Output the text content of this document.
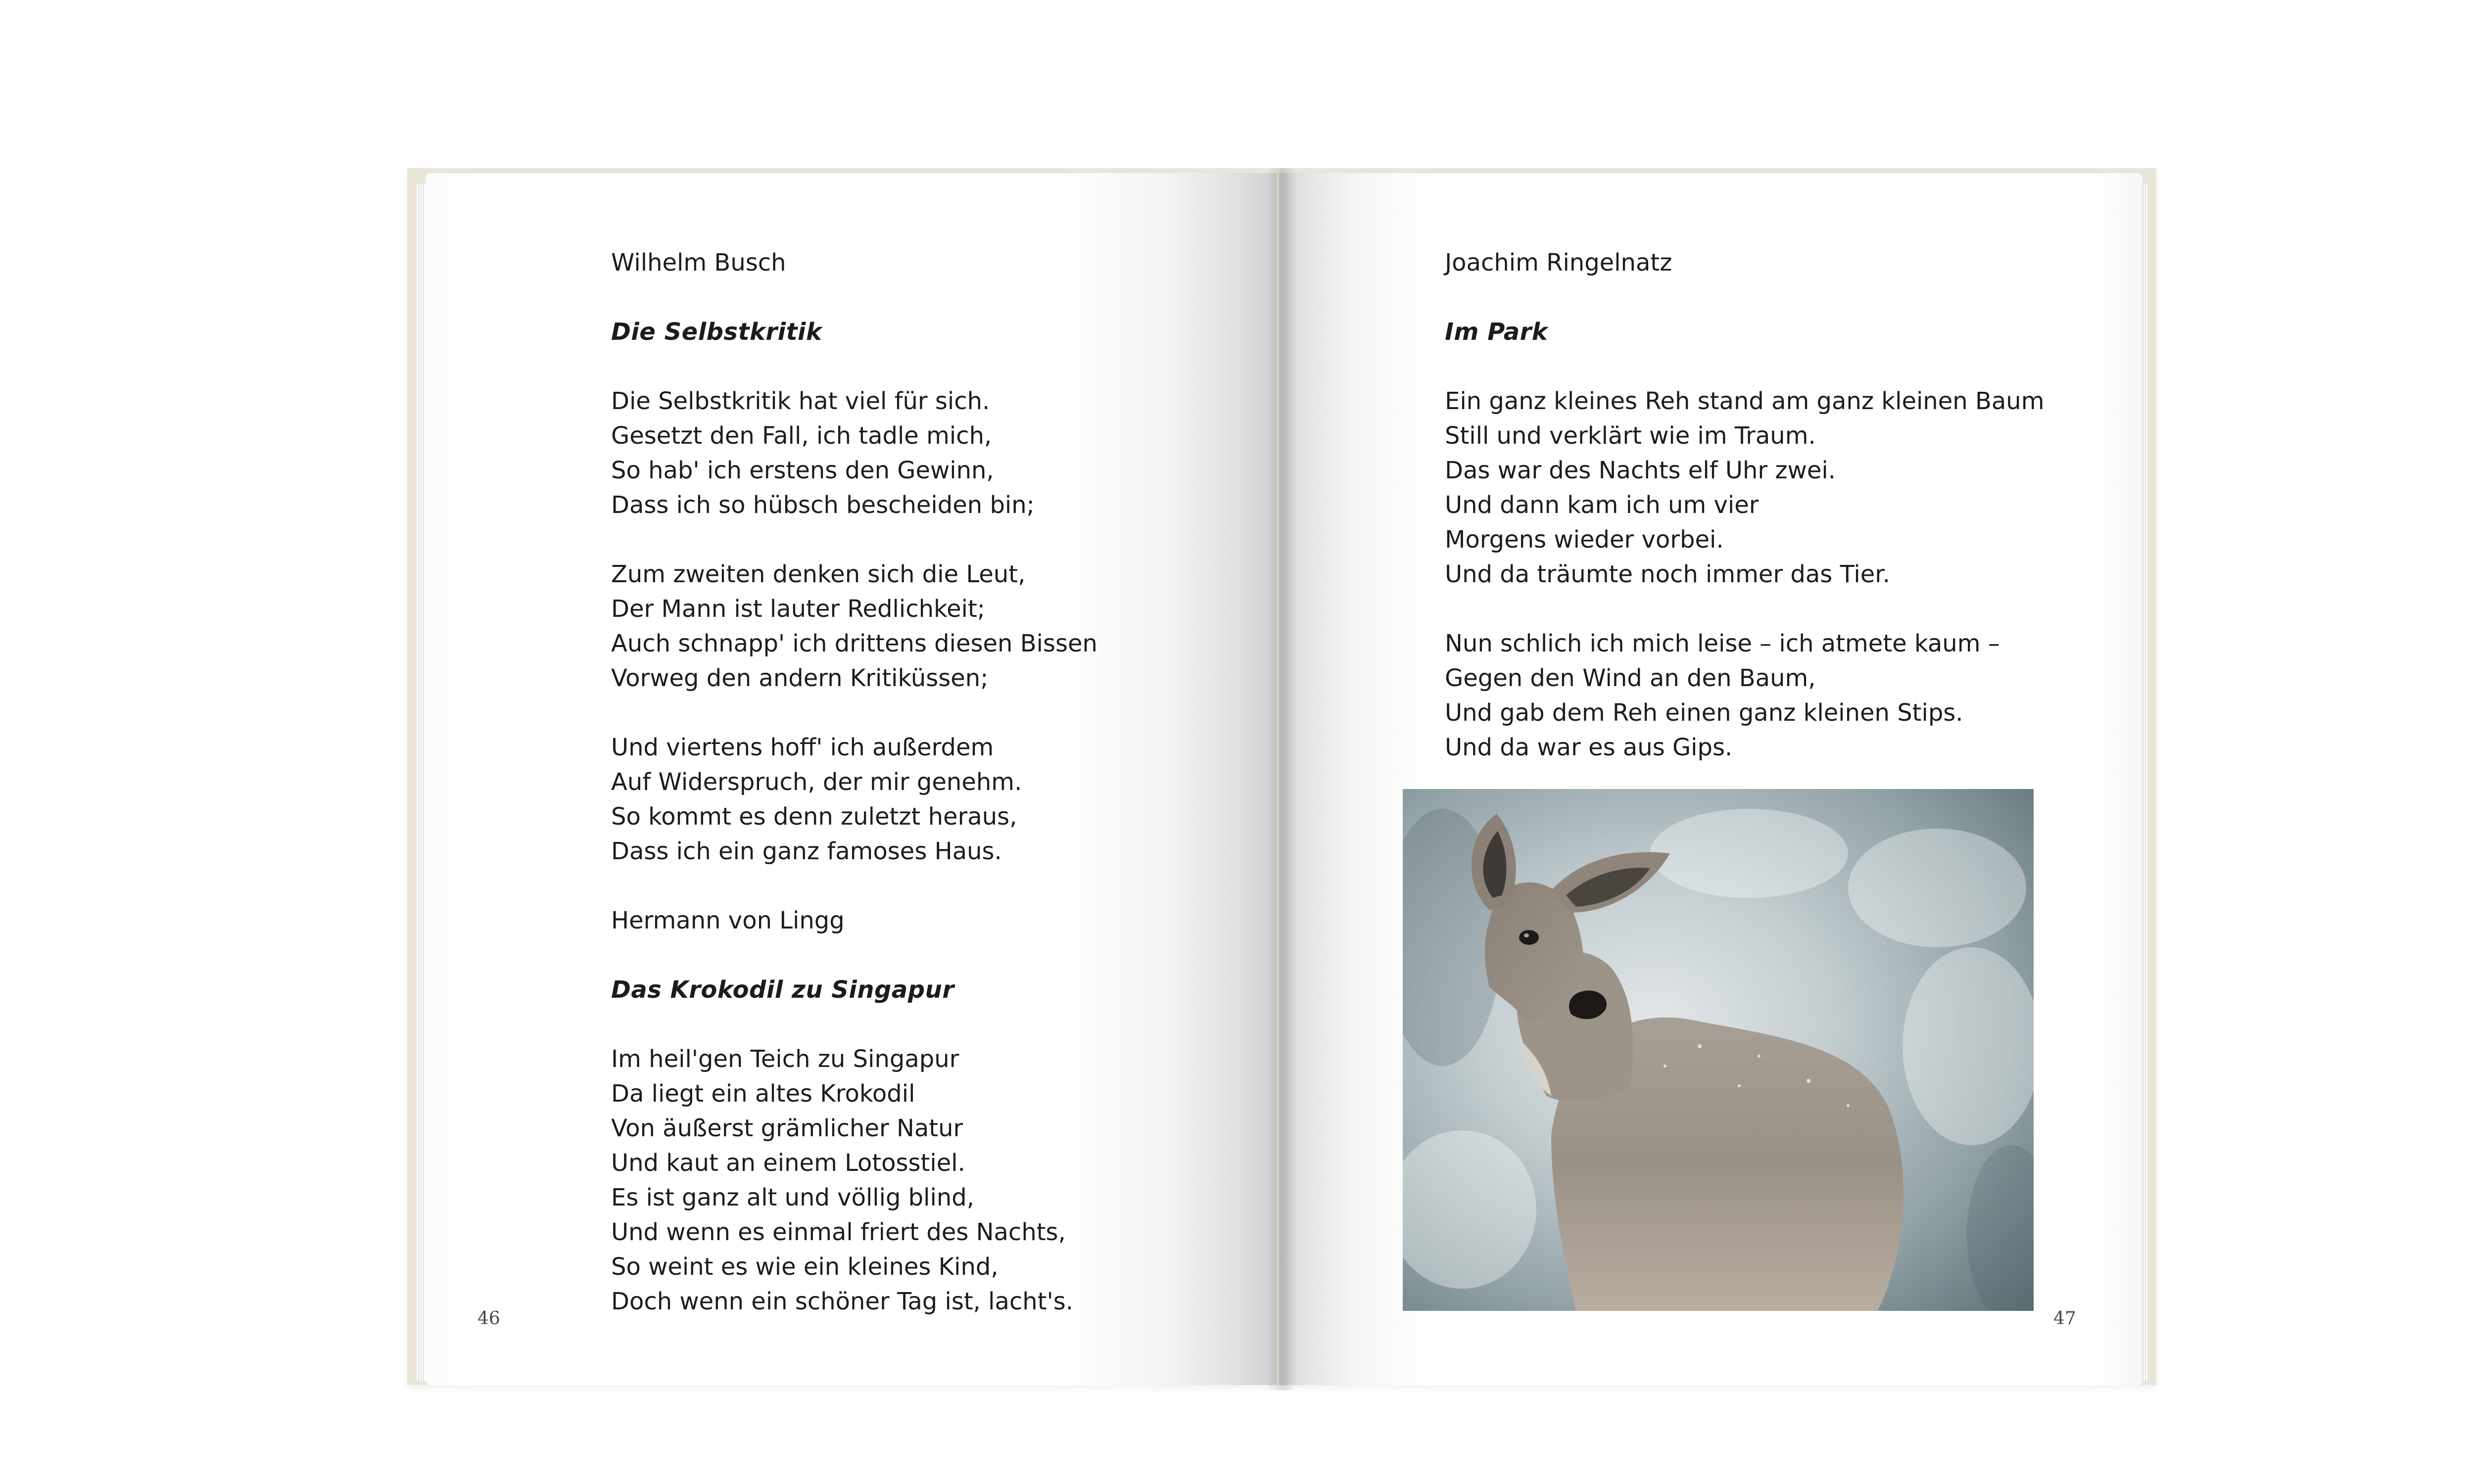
Wilhelm Busch
Die Selbstkritik
Die Selbstkritik hat viel für sich.
Gesetzt den Fall, ich tadle mich,
So hab' ich erstens den Gewinn,
Dass ich so hübsch bescheiden bin;
Zum zweiten denken sich die Leut,
Der Mann ist lauter Redlichkeit;
Auch schnapp' ich drittens diesen Bissen
Vorweg den andern Kritiküssen;
Und viertens hoff' ich außerdem
Auf Widerspruch, der mir genehm.
So kommt es denn zuletzt heraus,
Dass ich ein ganz famoses Haus.
Hermann von Lingg
Das Krokodil zu Singapur
Im heil'gen Teich zu Singapur
Da liegt ein altes Krokodil
Von äußerst grämlicher Natur
Und kaut an einem Lotosstiel.
Es ist ganz alt und völlig blind,
Und wenn es einmal friert des Nachts,
So weint es wie ein kleines Kind,
Doch wenn ein schöner Tag ist, lacht's.
46
Joachim Ringelnatz
Im Park
Ein ganz kleines Reh stand am ganz kleinen Baum
Still und verklärt wie im Traum.
Das war des Nachts elf Uhr zwei.
Und dann kam ich um vier
Morgens wieder vorbei.
Und da träumte noch immer das Tier.
Nun schlich ich mich leise – ich atmete kaum –
Gegen den Wind an den Baum,
Und gab dem Reh einen ganz kleinen Stips.
Und da war es aus Gips.
47
